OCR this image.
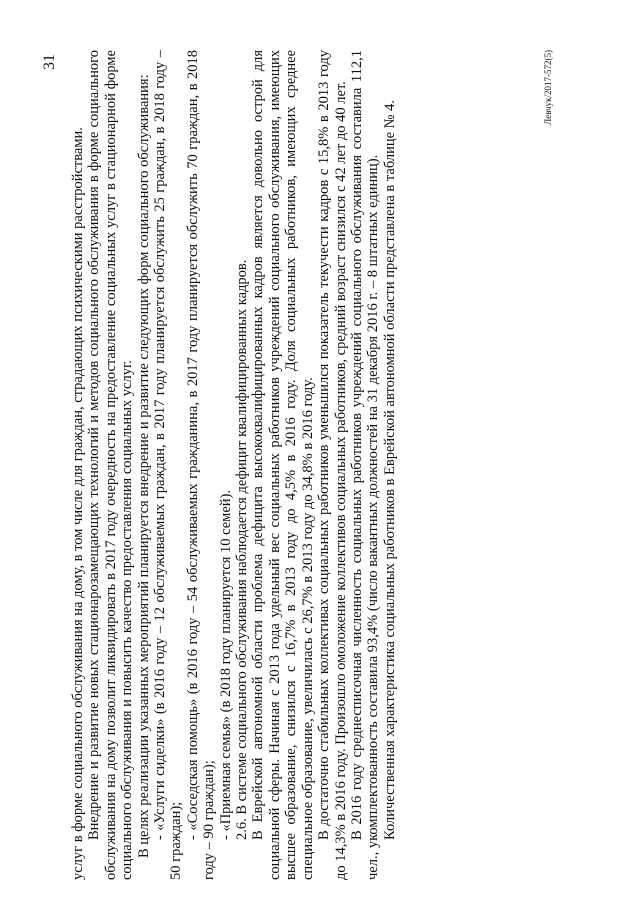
31

услуг в форме социального обслуживания на дому, в том числе для граждан, страдающих психическими расстройствами. Внедрение и развитие новых стационарозамещающих технологий и методов социального обслуживания в форме социального обслуживания на дому позволит ликвидировать в 2017 году очередность на предоставление социальных услуг в стационарной форме социального обслуживания и повысить качество предоставления социальных услуг. В целях реализации указанных мероприятий планируется внедрение и развитие следующих форм социального обслуживания: - «Услуги сиделки» (в 2016 году – 12 обслуживаемых граждан, в 2017 году планируется обслужить 25 граждан, в 2018 году – 50 граждан);

- «Соседская помощь» (в 2016 году – 54 обслуживаемых гражданина, в 2017 году планируется обслужить 70 граждан, в 2018 году – 90 граждан); - «Приемная семья» (в 2018 году планируется 10 семей). 2.6. В системе социального обслуживания наблюдается дефицит квалифицированных кадров. В Еврейской автономной области проблема дефицита высококвалифицированных кадров является довольно острой для социальной сферы. Начиная с 2013 года удельный вес социальных работников учреждений социального обслуживания, имеющих высшее образование, снизился с 16,7% в 2013 году до 4,5% в 2016 году. Доля социальных работников, имеющих среднее специальное образование, увеличилась с 26,7% в 2013 году до 34,8% в 2016 году. В достаточно стабильных коллективах социальных работников уменьшился показатель текучести кадров с 15,8% в 2013 году до 14,3% в 2016 году. Произошло омоложение коллективов социальных работников, средний возраст снизился с 42 лет до 40 лет. В 2016 году среднесписочная численность социальных работников учреждений социального обслуживания составила 112,1 чел., укомплектованность составила 93,4% (число вакантных должностей на 31 декабря 2016 г. – 8 штатных единиц). Количественная характеристика социальных работников в Еврейской автономной области представлена в таблице № 4.

Левчук/2017-572(5)
